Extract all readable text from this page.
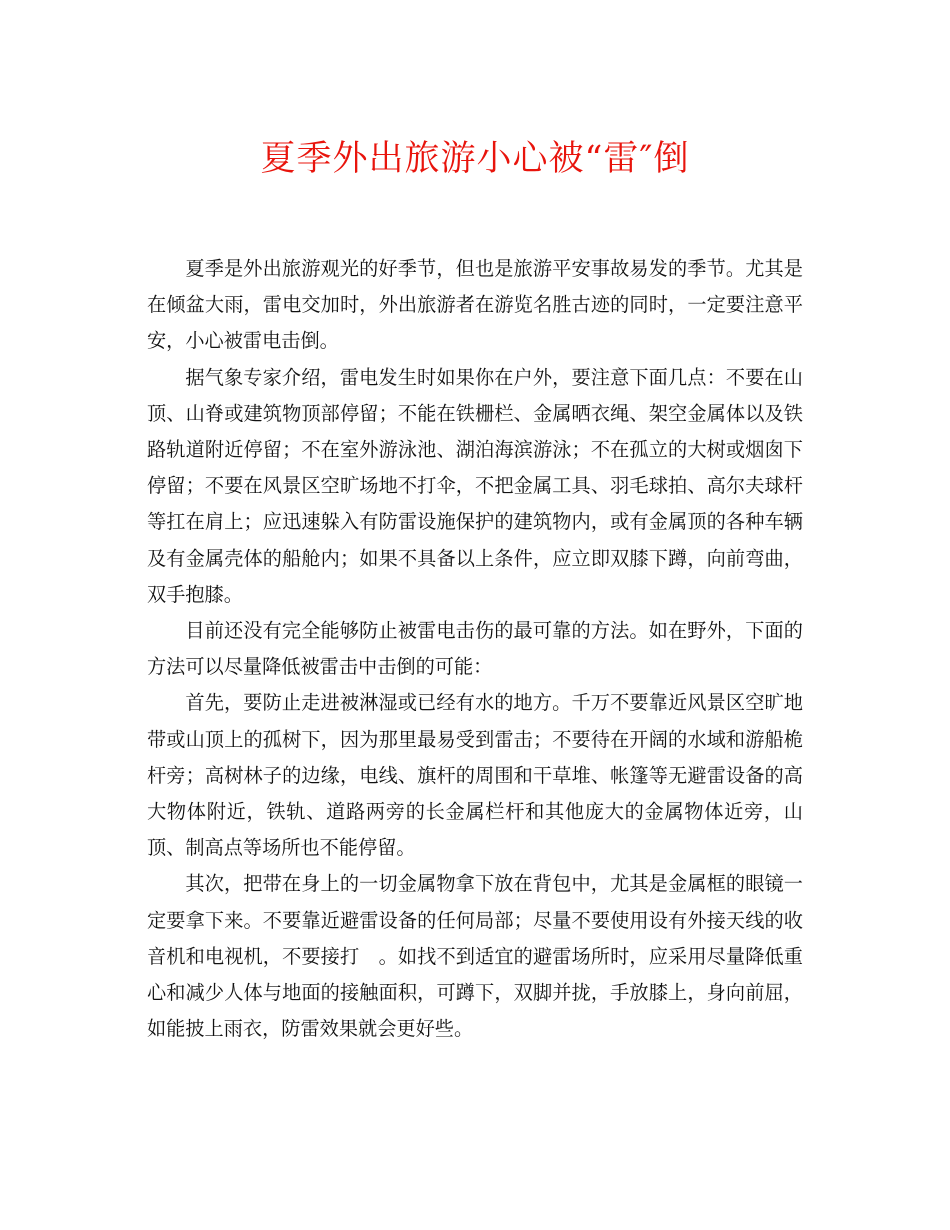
夏季外出旅游小心被“雷″倒

夏季是外出旅游观光的好季节，但也是旅游平安事故易发的季节。尤其是在倾盆大雨，雷电交加时，外出旅游者在游览名胜古迹的同时，一定要注意平安，小心被雷电击倒。

据气象专家介绍，雷电发生时如果你在户外，要注意下面几点：不要在山顶、山脊或建筑物顶部停留；不能在铁栅栏、金属晒衣绳、架空金属体以及铁路轨道附近停留；不在室外游泳池、湖泊海滨游泳；不在孤立的大树或烟囱下停留；不要在风景区空旷场地不打伞，不把金属工具、羽毛球拍、高尔夫球杆等扛在肩上；应迅速躲入有防雷设施保护的建筑物内，或有金属顶的各种车辆及有金属壳体的船舱内；如果不具备以上条件，应立即双膝下蹲，向前弯曲，双手抱膝。

目前还没有完全能够防止被雷电击伤的最可靠的方法。如在野外，下面的方法可以尽量降低被雷击中击倒的可能：

首先，要防止走进被淋湿或已经有水的地方。千万不要靠近风景区空旷地带或山顶上的孤树下，因为那里最易受到雷击；不要待在开阔的水域和游船桅杆旁；高树林子的边缘，电线、旗杆的周围和干草堆、帐篷等无避雷设备的高大物体附近，铁轨、道路两旁的长金属栏杆和其他庞大的金属物体近旁，山顶、制高点等场所也不能停留。

其次，把带在身上的一切金属物拿下放在背包中，尤其是金属框的眼镜一定要拿下来。不要靠近避雷设备的任何局部；尽量不要使用设有外接天线的收音机和电视机，不要接打　。如找不到适宜的避雷场所时，应采用尽量降低重心和减少人体与地面的接触面积，可蹲下，双脚并拢，手放膝上，身向前屈，如能披上雨衣，防雷效果就会更好些。
